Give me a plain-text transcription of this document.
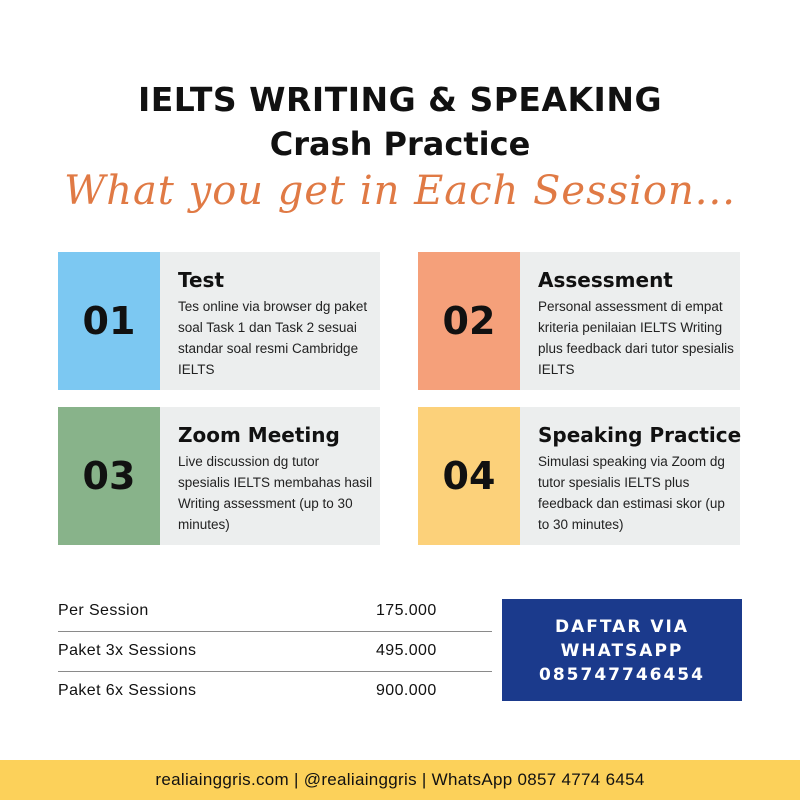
IELTS WRITING & SPEAKING
Crash Practice
What you get in Each Session...
01
Test
Tes online via browser dg paket soal Task 1 dan Task 2 sesuai standar soal resmi Cambridge IELTS
02
Assessment
Personal assessment di empat kriteria penilaian IELTS Writing plus feedback dari tutor spesialis IELTS
03
Zoom Meeting
Live discussion dg tutor spesialis IELTS membahas hasil Writing assessment (up to 30 minutes)
04
Speaking Practice
Simulasi speaking via Zoom dg tutor spesialis IELTS plus feedback dan estimasi skor (up to 30 minutes)
Per Session	175.000
Paket 3x Sessions	495.000
Paket 6x Sessions	900.000
DAFTAR VIA
WHATSAPP
085747746454
realiainggris.com | @realiainggris | WhatsApp 0857 4774 6454
